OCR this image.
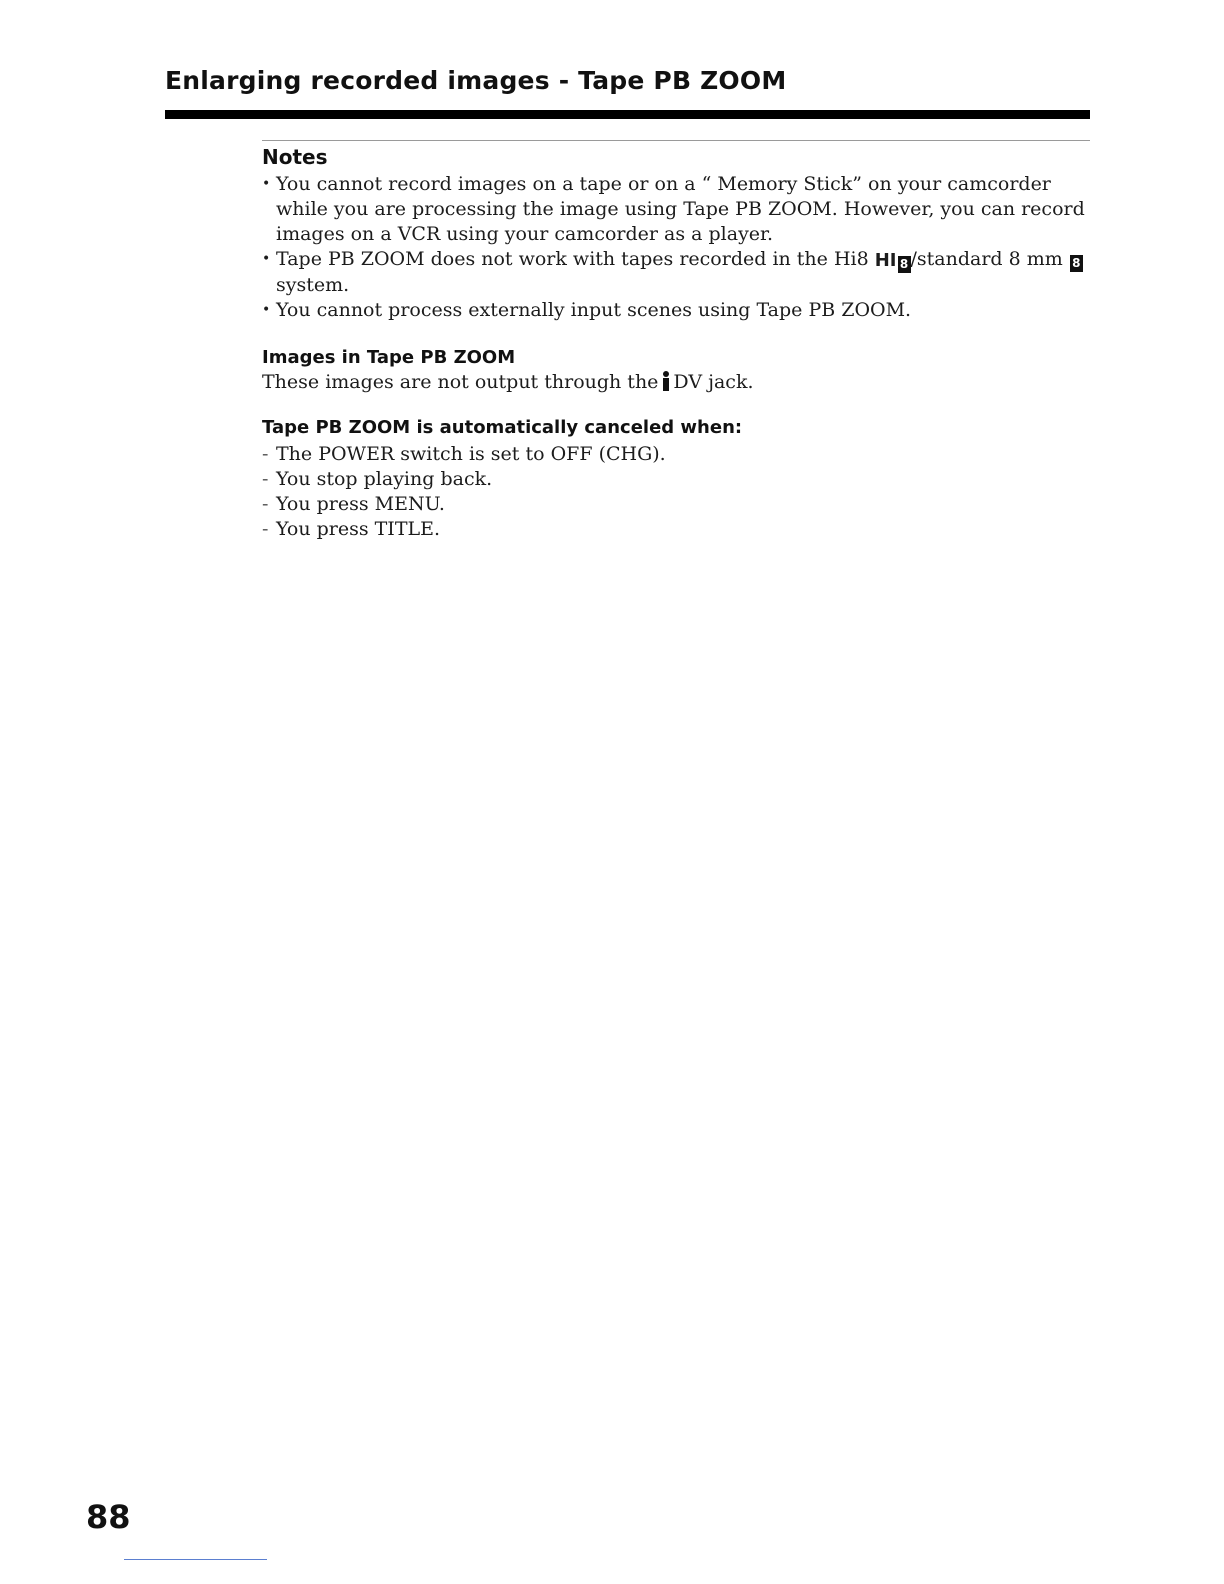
Enlarging recorded images - Tape PB ZOOM
Notes
• You cannot record images on a tape or on a “ Memory Stick” on your camcorder while you are processing the image using Tape PB ZOOM. However, you can record images on a VCR using your camcorder as a player.
• Tape PB ZOOM does not work with tapes recorded in the Hi8 HI 8 /standard 8 mm 8
system.
• You cannot process externally input scenes using Tape PB ZOOM.
Images in Tape PB ZOOM

These images are not output through the DV jack.

Tape PB ZOOM is automatically canceled when:
- The POWER switch is set to OFF (CHG).
- You stop playing back.
- You press MENU.
- You press TITLE.

88
